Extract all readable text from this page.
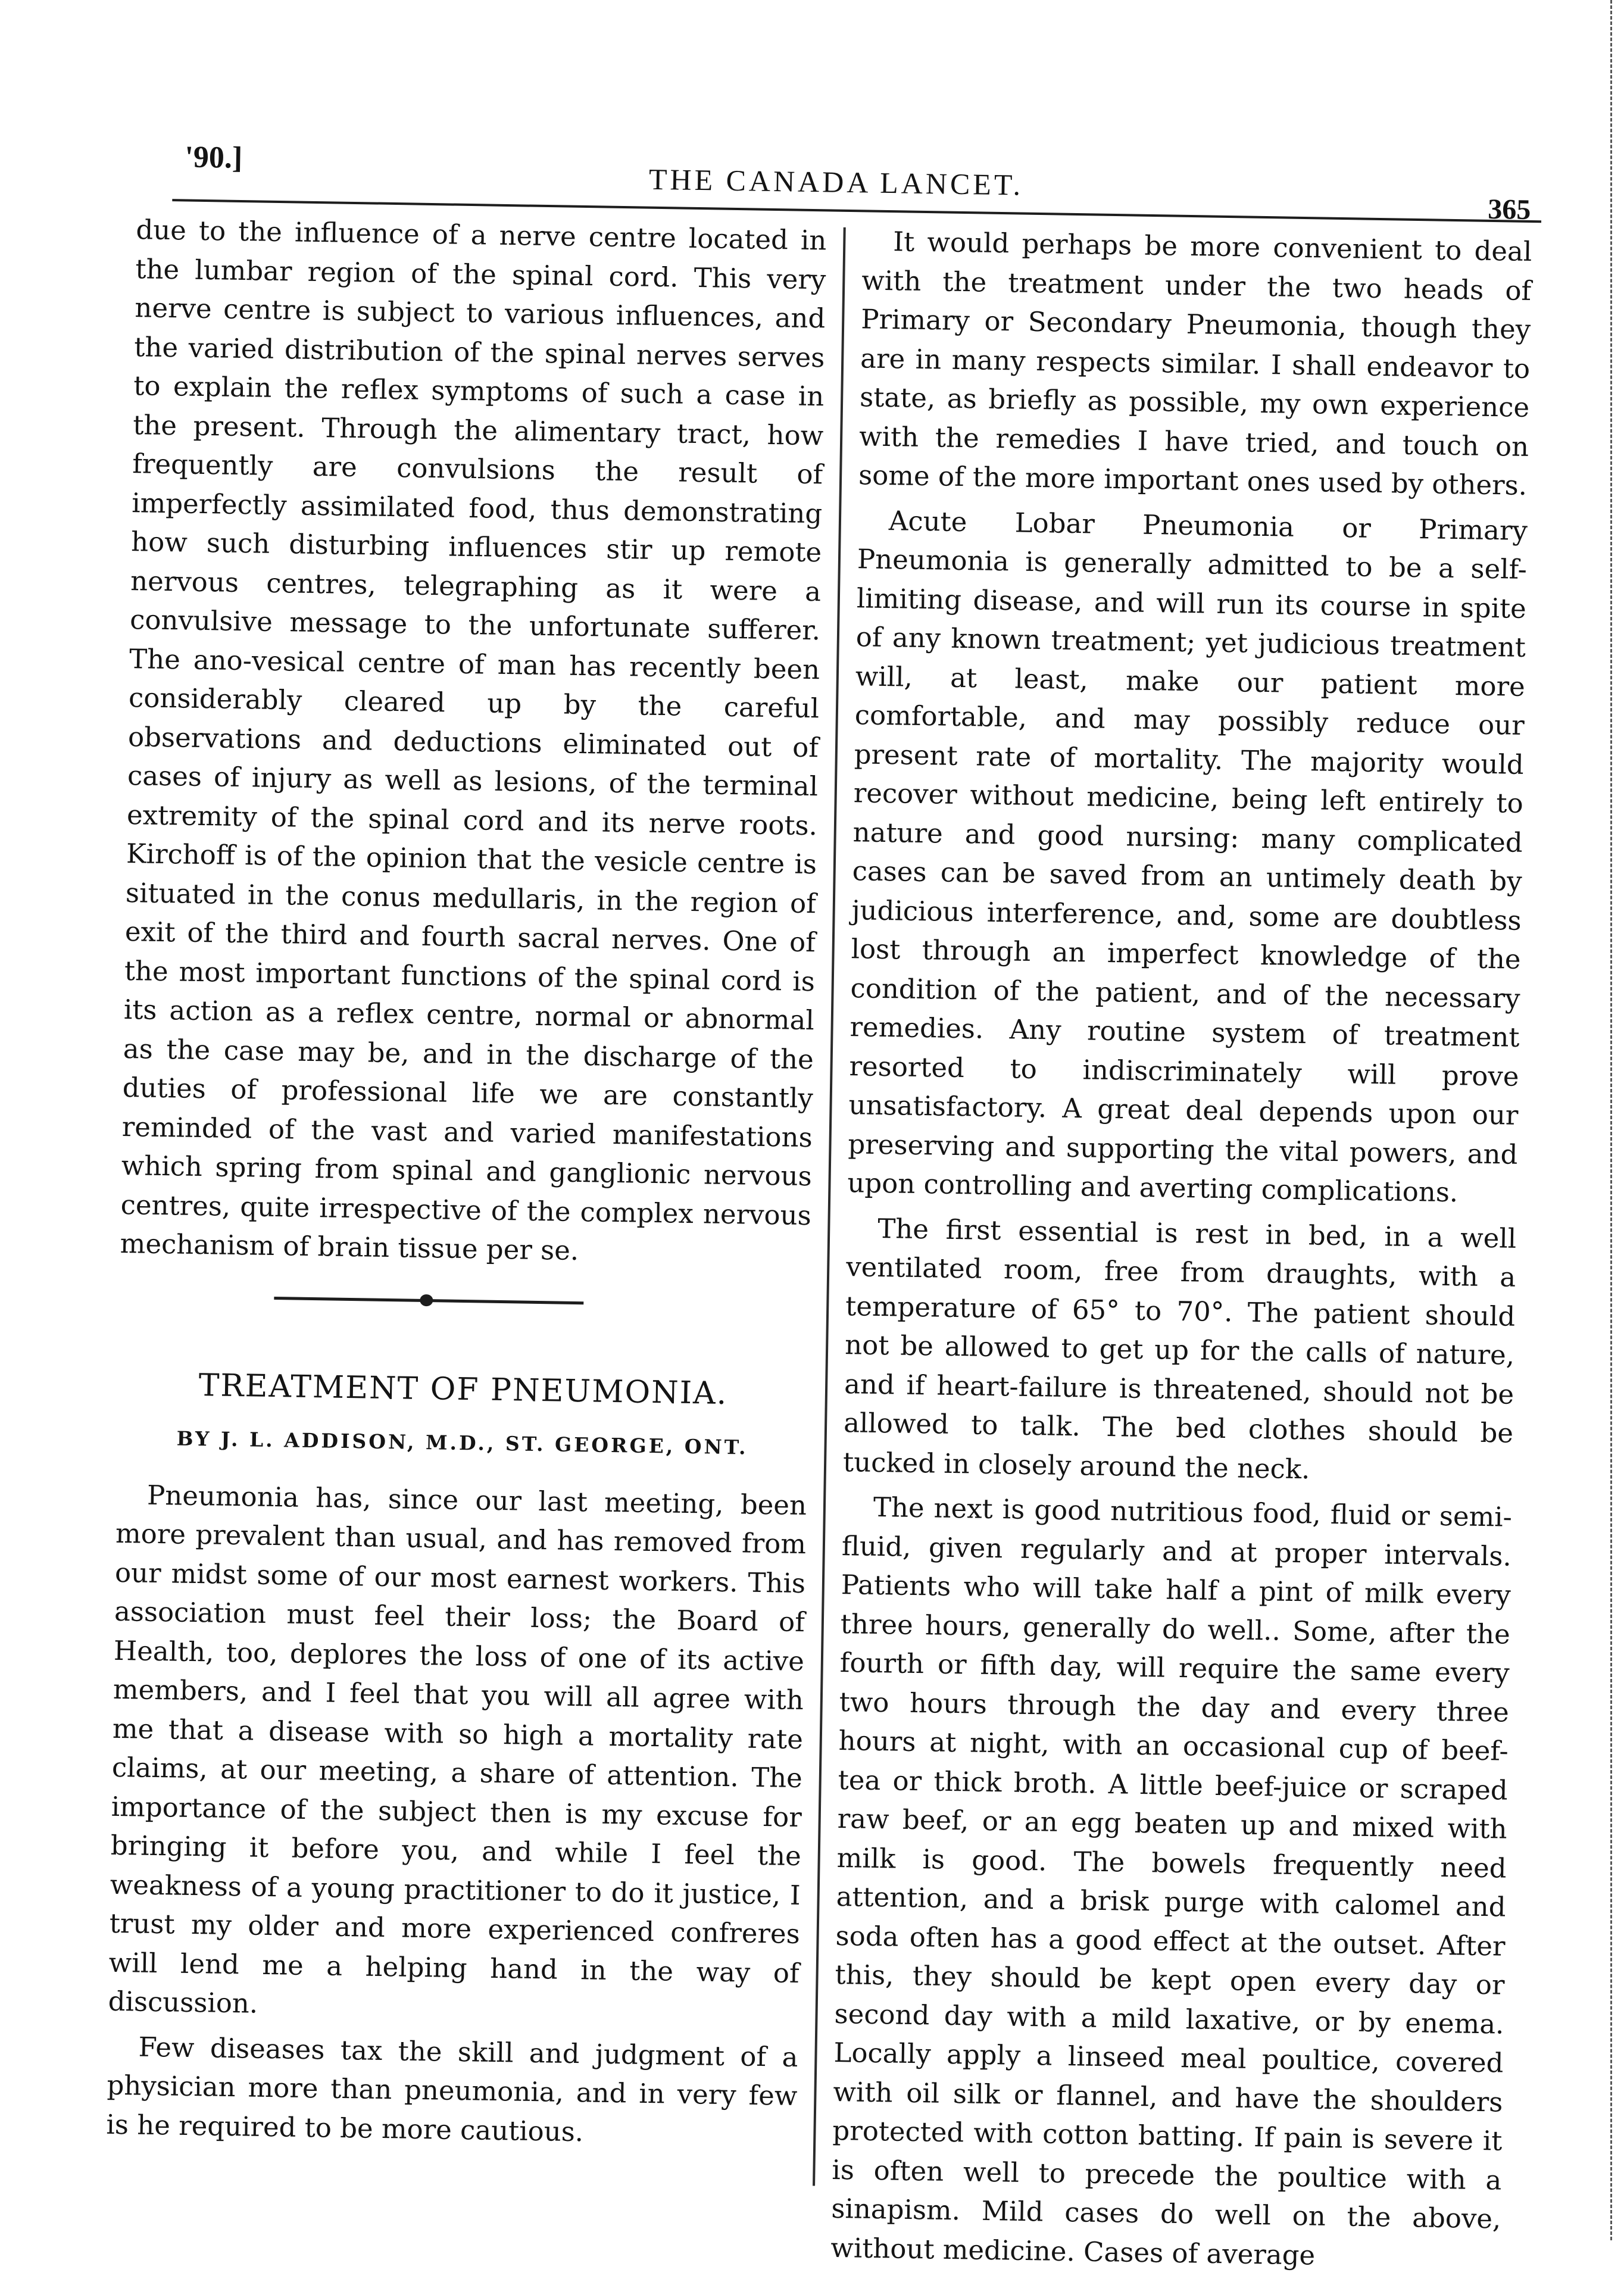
'90.]
THE CANADA LANCET.
365

due to the influence of a nerve centre located in the lumbar region of the spinal cord. This very nerve centre is subject to various influences, and the varied distribution of the spinal nerves serves to explain the reflex symptoms of such a case in the present. Through the alimentary tract, how frequently are convulsions the result of imperfectly assimilated food, thus demonstrating how such disturbing influences stir up remote nervous centres, telegraphing as it were a convulsive message to the unfortunate sufferer. The ano-vesical centre of man has recently been considerably cleared up by the careful observations and deductions eliminated out of cases of injury as well as lesions, of the terminal extremity of the spinal cord and its nerve roots. Kirchoff is of the opinion that the vesicle centre is situated in the conus medullaris, in the region of exit of the third and fourth sacral nerves. One of the most important functions of the spinal cord is its action as a reflex centre, normal or abnormal as the case may be, and in the discharge of the duties of professional life we are constantly reminded of the vast and varied manifestations which spring from spinal and ganglionic nervous centres, quite irrespective of the complex nervous mechanism of brain tissue per se.

TREATMENT OF PNEUMONIA.
BY J. L. ADDISON, M.D., ST. GEORGE, ONT.

Pneumonia has, since our last meeting, been more prevalent than usual, and has removed from our midst some of our most earnest workers. This association must feel their loss; the Board of Health, too, deplores the loss of one of its active members, and I feel that you will all agree with me that a disease with so high a mortality rate claims, at our meeting, a share of attention. The importance of the subject then is my excuse for bringing it before you, and while I feel the weakness of a young practitioner to do it justice, I trust my older and more experienced confreres will lend me a helping hand in the way of discussion.

Few diseases tax the skill and judgment of a physician more than pneumonia, and in very few is he required to be more cautious.

It would perhaps be more convenient to deal with the treatment under the two heads of Primary or Secondary Pneumonia, though they are in many respects similar. I shall endeavor to state, as briefly as possible, my own experience with the remedies I have tried, and touch on some of the more important ones used by others.

Acute Lobar Pneumonia or Primary Pneumonia is generally admitted to be a self-limiting disease, and will run its course in spite of any known treatment; yet judicious treatment will, at least, make our patient more comfortable, and may possibly reduce our present rate of mortality. The majority would recover without medicine, being left entirely to nature and good nursing: many complicated cases can be saved from an untimely death by judicious interference, and, some are doubtless lost through an imperfect knowledge of the condition of the patient, and of the necessary remedies. Any routine system of treatment resorted to indiscriminately will prove unsatisfactory. A great deal depends upon our preserving and supporting the vital powers, and upon controlling and averting complications.

The first essential is rest in bed, in a well ventilated room, free from draughts, with a temperature of 65° to 70°. The patient should not be allowed to get up for the calls of nature, and if heart-failure is threatened, should not be allowed to talk. The bed clothes should be tucked in closely around the neck.

The next is good nutritious food, fluid or semi-fluid, given regularly and at proper intervals. Patients who will take half a pint of milk every three hours, generally do well.. Some, after the fourth or fifth day, will require the same every two hours through the day and every three hours at night, with an occasional cup of beef-tea or thick broth. A little beef-juice or scraped raw beef, or an egg beaten up and mixed with milk is good. The bowels frequently need attention, and a brisk purge with calomel and soda often has a good effect at the outset. After this, they should be kept open every day or second day with a mild laxative, or by enema. Locally apply a linseed meal poultice, covered with oil silk or flannel, and have the shoulders protected with cotton batting. If pain is severe it is often well to precede the poultice with a sinapism. Mild cases do well on the above, without medicine. Cases of average
